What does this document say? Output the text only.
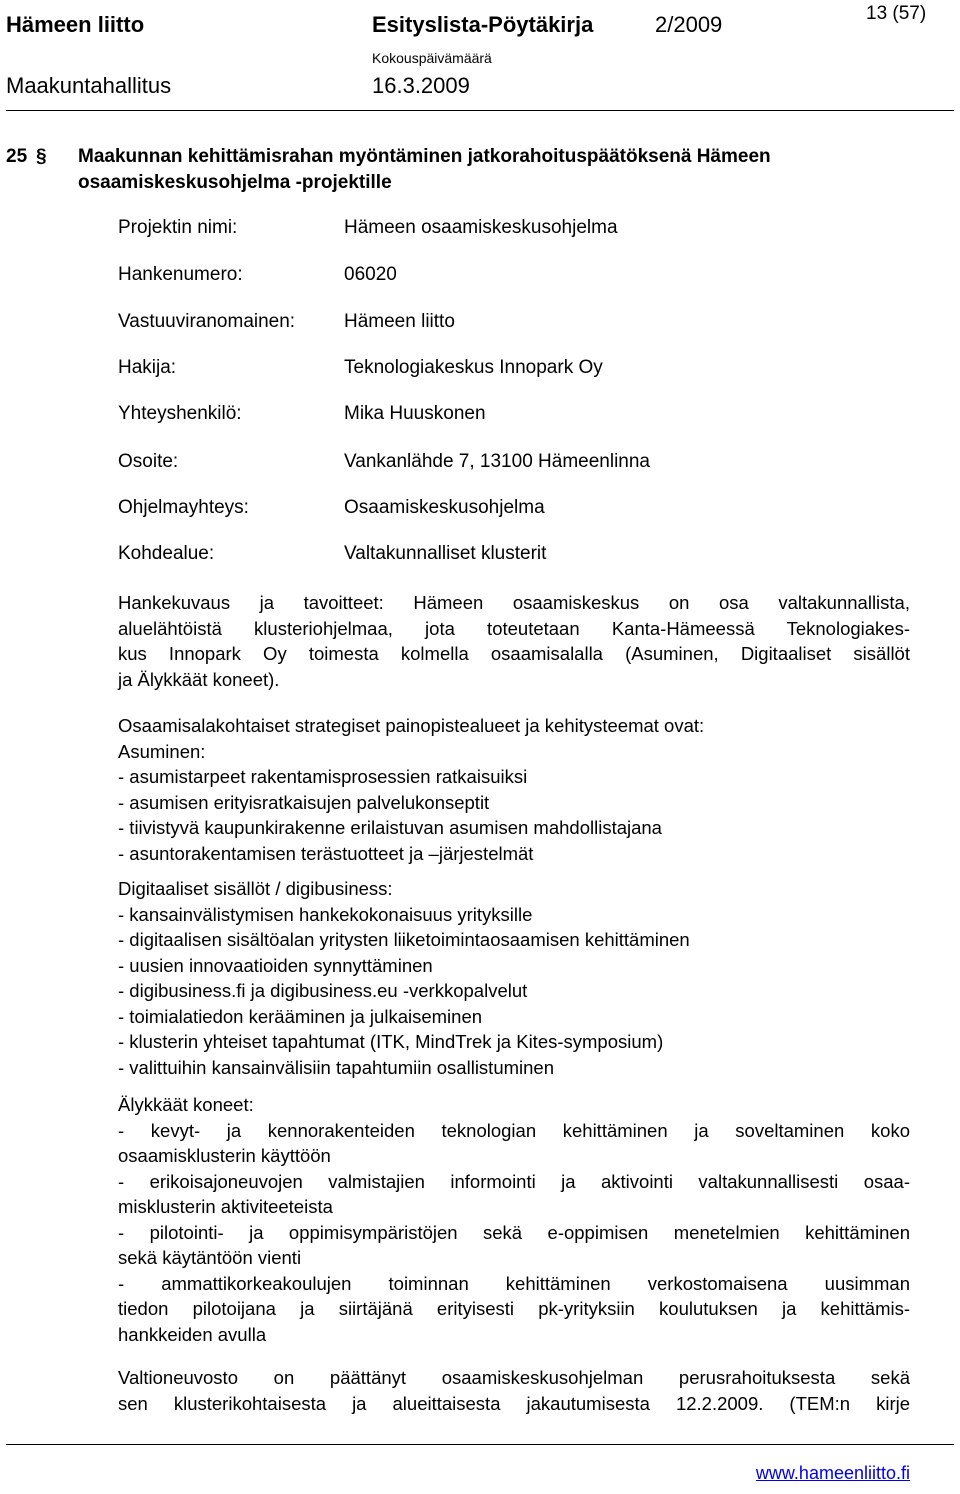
Hämeen liitto	Esityslista-Pöytäkirja	2/2009	13 (57)
Kokouspäivämäärä
Maakuntahallitus	16.3.2009
25 § Maakunnan kehittämisrahan myöntäminen jatkorahoituspäätöksenä Hämeen
osaamiskeskusohjelma -projektille
Projektin nimi:	Hämeen osaamiskeskusohjelma
Hankenumero:	06020
Vastuuviranomainen:	Hämeen liitto
Hakija:	Teknologiakeskus Innopark Oy
Yhteyshenkilö:	Mika Huuskonen
Osoite:	Vankanlähde 7, 13100 Hämeenlinna
Ohjelmayhteys:	Osaamiskeskusohjelma
Kohdealue:	Valtakunnalliset klusterit
Hankekuvaus ja tavoitteet: Hämeen osaamiskeskus on osa valtakunnallista,
aluelähtöistä klusteriohjelmaa, jota toteutetaan Kanta-Hämeessä Teknologiakes-
kus Innopark Oy toimesta kolmella osaamisalalla (Asuminen, Digitaaliset sisällöt
ja Älykkäät koneet).
Osaamisalakohtaiset strategiset painopistealueet ja kehitysteemat ovat:
Asuminen:
- asumistarpeet rakentamisprosessien ratkaisuiksi
- asumisen erityisratkaisujen palvelukonseptit
- tiivistyvä kaupunkirakenne erilaistuvan asumisen mahdollistajana
- asuntorakentamisen terästuotteet ja –järjestelmät
Digitaaliset sisällöt / digibusiness:
- kansainvälistymisen hankekokonaisuus yrityksille
- digitaalisen sisältöalan yritysten liiketoimintaosaamisen kehittäminen
- uusien innovaatioiden synnyttäminen
- digibusiness.fi ja digibusiness.eu -verkkopalvelut
- toimialatiedon kerääminen ja julkaiseminen
- klusterin yhteiset tapahtumat (ITK, MindTrek ja Kites-symposium)
- valittuihin kansainvälisiin tapahtumiin osallistuminen
Älykkäät koneet:
- kevyt- ja kennorakenteiden teknologian kehittäminen ja soveltaminen koko
osaamisklusterin käyttöön
- erikoisajoneuvojen valmistajien informointi ja aktivointi valtakunnallisesti osaa-
misklusterin aktiviteeteista
- pilotointi- ja oppimisympäristöjen sekä e-oppimisen menetelmien kehittäminen
sekä käytäntöön vienti
- ammattikorkeakoulujen toiminnan kehittäminen verkostomaisena uusimman
tiedon pilotoijana ja siirtäjänä erityisesti pk-yrityksiin koulutuksen ja kehittämis-
hankkeiden avulla
Valtioneuvosto on päättänyt osaamiskeskusohjelman perusrahoituksesta sekä
sen klusterikohtaisesta ja alueittaisesta jakautumisesta 12.2.2009. (TEM:n kirje
www.hameenliitto.fi
